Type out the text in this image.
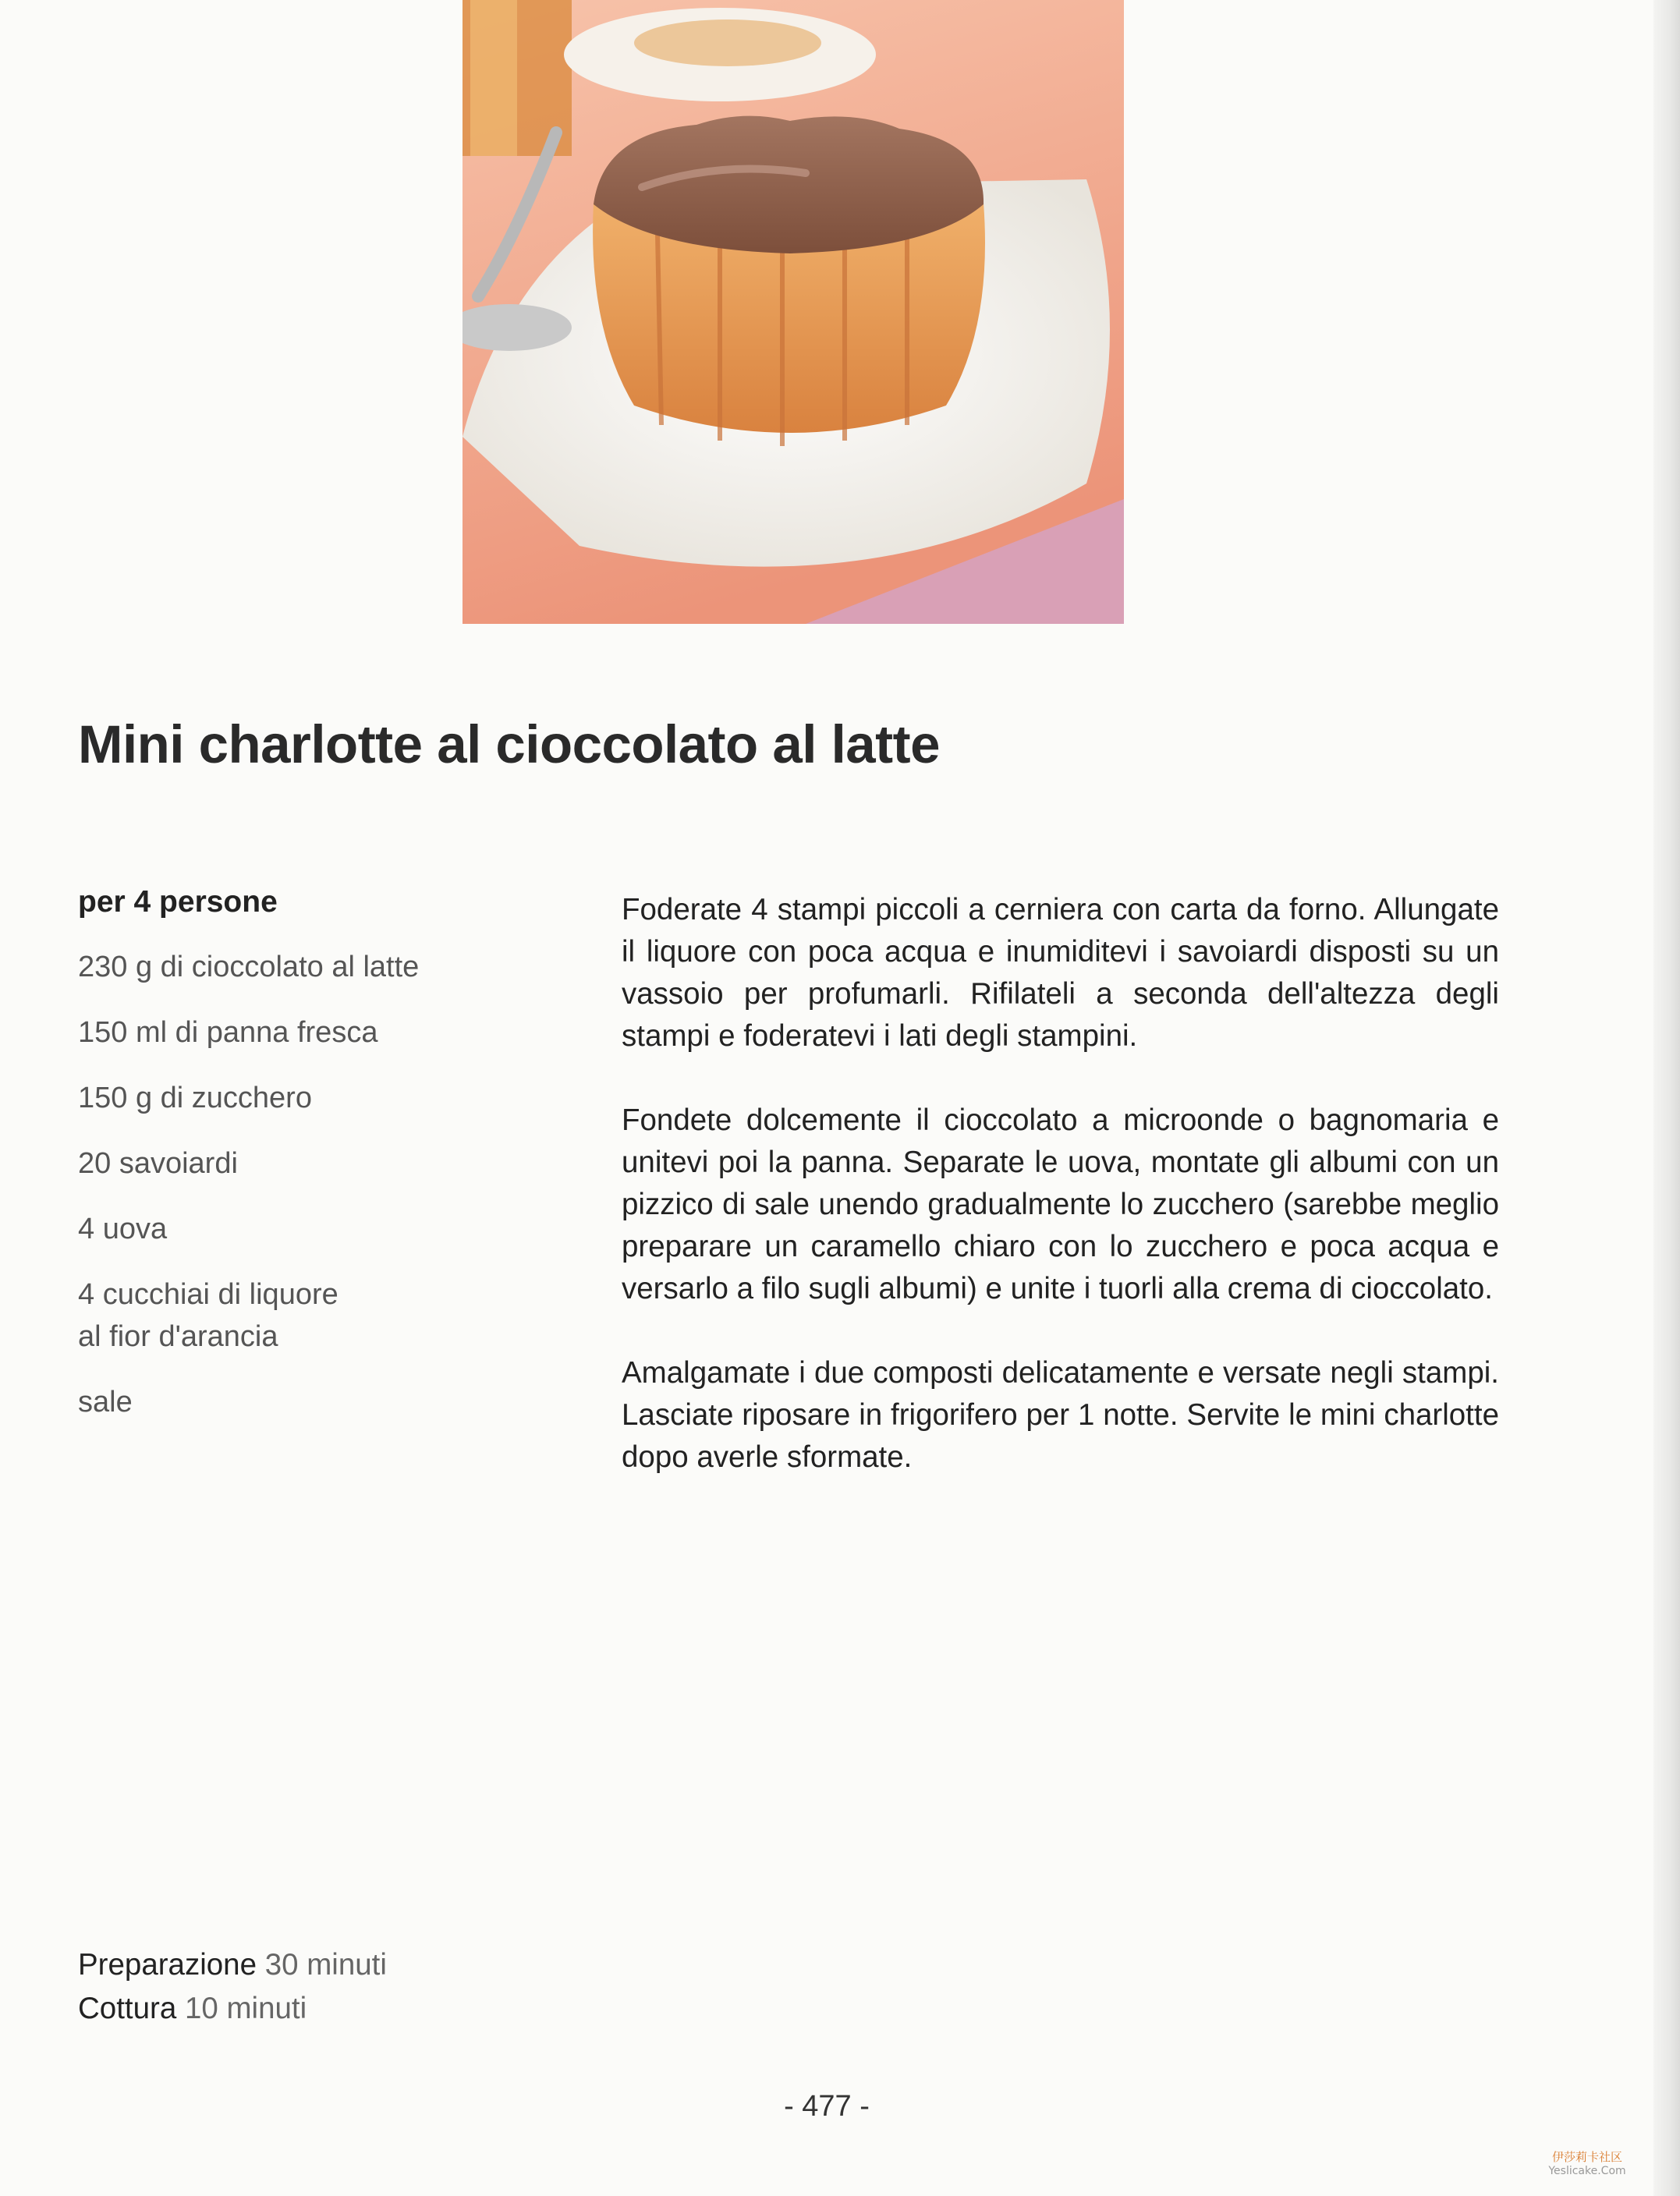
Mini charlotte al cioccolato al latte

per 4 persone

230 g di cioccolato al latte
150 ml di panna fresca
150 g di zucchero
20 savoiardi
4 uova
4 cucchiai di liquore
al fior d'arancia
sale

Foderate 4 stampi piccoli a cerniera con carta da forno. Allungate il liquore con poca acqua e inumiditevi i savoiardi disposti su un vassoio per profumarli. Rifilateli a seconda dell'altezza degli stampi e foderatevi i lati degli stampini.

Fondete dolcemente il cioccolato a microonde o bagnomaria e unitevi poi la panna. Separate le uova, montate gli albumi con un pizzico di sale unendo gradualmente lo zucchero (sarebbe meglio preparare un caramello chiaro con lo zucchero e poca acqua e versarlo a filo sugli albumi) e unite i tuorli alla crema di cioccolato.

Amalgamate i due composti delicatamente e versate negli stampi. Lasciate riposare in frigorifero per 1 notte. Servite le mini charlotte dopo averle sformate.

Preparazione 30 minuti
Cottura 10 minuti
- 477 -
伊莎莉卡社区
Yeslicake.Com
